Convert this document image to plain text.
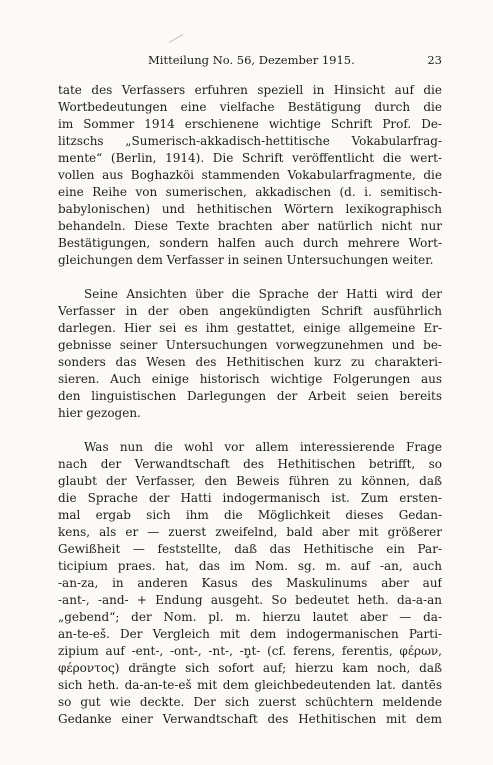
Mitteilung No. 56, Dezember 1915.	23
tate des Verfassers erfuhren speziell in Hinsicht auf die
Wortbedeutungen eine vielfache Bestätigung durch die
im Sommer 1914 erschienene wichtige Schrift Prof. De-
litzschs „Sumerisch-akkadisch-hettitische Vokabularfrag-
mente“ (Berlin, 1914). Die Schrift veröffentlicht die wert-
vollen aus Boghazköi stammenden Vokabularfragmente, die
eine Reihe von sumerischen, akkadischen (d. i. semitisch-
babylonischen) und hethitischen Wörtern lexikographisch
behandeln. Diese Texte brachten aber natürlich nicht nur
Bestätigungen, sondern halfen auch durch mehrere Wort-
gleichungen dem Verfasser in seinen Untersuchungen weiter.
Seine Ansichten über die Sprache der Hatti wird der
Verfasser in der oben angekündigten Schrift ausführlich
darlegen. Hier sei es ihm gestattet, einige allgemeine Er-
gebnisse seiner Untersuchungen vorwegzunehmen und be-
sonders das Wesen des Hethitischen kurz zu charakteri-
sieren. Auch einige historisch wichtige Folgerungen aus
den linguistischen Darlegungen der Arbeit seien bereits
hier gezogen.
Was nun die wohl vor allem interessierende Frage
nach der Verwandtschaft des Hethitischen betrifft, so
glaubt der Verfasser, den Beweis führen zu können, daß
die Sprache der Hatti indogermanisch ist. Zum ersten-
mal ergab sich ihm die Möglichkeit dieses Gedan-
kens, als er — zuerst zweifelnd, bald aber mit größerer
Gewißheit — feststellte, daß das Hethitische ein Par-
ticipium praes. hat, das im Nom. sg. m. auf -an, auch
-an-za, in anderen Kasus des Maskulinums aber auf
-ant-, -and- + Endung ausgeht. So bedeutet heth. da-a-an
„gebend“; der Nom. pl. m. hierzu lautet aber — da-
an-te-eš. Der Vergleich mit dem indogermanischen Parti-
zipium auf -ent-, -ont-, -nt-, -n̥t- (cf. ferens, ferentis, φέρων,
φέροντος) drängte sich sofort auf; hierzu kam noch, daß
sich heth. da-an-te-eš mit dem gleichbedeutenden lat. dantēs
so gut wie deckte. Der sich zuerst schüchtern meldende
Gedanke einer Verwandtschaft des Hethitischen mit dem
